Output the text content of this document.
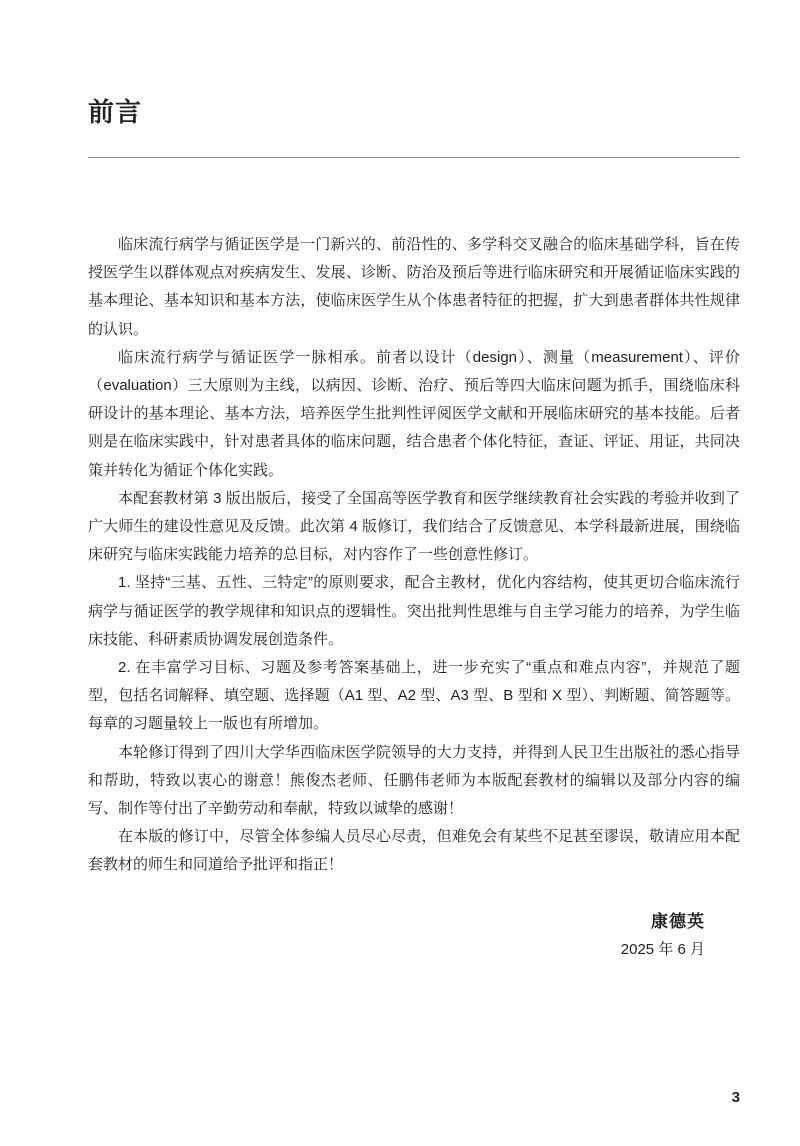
前言

临床流行病学与循证医学是一门新兴的、前沿性的、多学科交叉融合的临床基础学科，旨在传授医学生以群体观点对疾病发生、发展、诊断、防治及预后等进行临床研究和开展循证临床实践的基本理论、基本知识和基本方法，使临床医学生从个体患者特征的把握，扩大到患者群体共性规律的认识。

临床流行病学与循证医学一脉相承。前者以设计（design）、测量（measurement）、评价（evaluation）三大原则为主线，以病因、诊断、治疗、预后等四大临床问题为抓手，围绕临床科研设计的基本理论、基本方法，培养医学生批判性评阅医学文献和开展临床研究的基本技能。后者则是在临床实践中，针对患者具体的临床问题，结合患者个体化特征，查证、评证、用证，共同决策并转化为循证个体化实践。

本配套教材第 3 版出版后，接受了全国高等医学教育和医学继续教育社会实践的考验并收到了广大师生的建设性意见及反馈。此次第 4 版修订，我们结合了反馈意见、本学科最新进展，围绕临床研究与临床实践能力培养的总目标，对内容作了一些创意性修订。

1. 坚持“三基、五性、三特定”的原则要求，配合主教材，优化内容结构，使其更切合临床流行病学与循证医学的教学规律和知识点的逻辑性。突出批判性思维与自主学习能力的培养，为学生临床技能、科研素质协调发展创造条件。

2. 在丰富学习目标、习题及参考答案基础上，进一步充实了“重点和难点内容”，并规范了题型，包括名词解释、填空题、选择题（A1 型、A2 型、A3 型、B 型和 X 型）、判断题、简答题等。每章的习题量较上一版也有所增加。

本轮修订得到了四川大学华西临床医学院领导的大力支持，并得到人民卫生出版社的悉心指导和帮助，特致以衷心的谢意！熊俊杰老师、任鹏伟老师为本版配套教材的编辑以及部分内容的编写、制作等付出了辛勤劳动和奉献，特致以诚挚的感谢！

在本版的修订中，尽管全体参编人员尽心尽责，但难免会有某些不足甚至谬误，敬请应用本配套教材的师生和同道给予批评和指正！

康德英
2025 年 6 月
3
